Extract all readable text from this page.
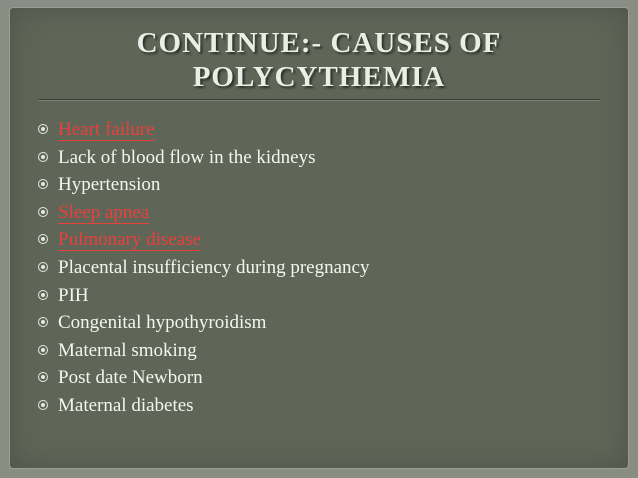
CONTINUE:- CAUSES OF
POLYCYTHEMIA
Heart failure
Lack of blood flow in the kidneys
Hypertension
Sleep apnea
Pulmonary disease
Placental insufficiency during pregnancy
PIH
Congenital hypothyroidism
Maternal smoking
Post date Newborn
Maternal diabetes
